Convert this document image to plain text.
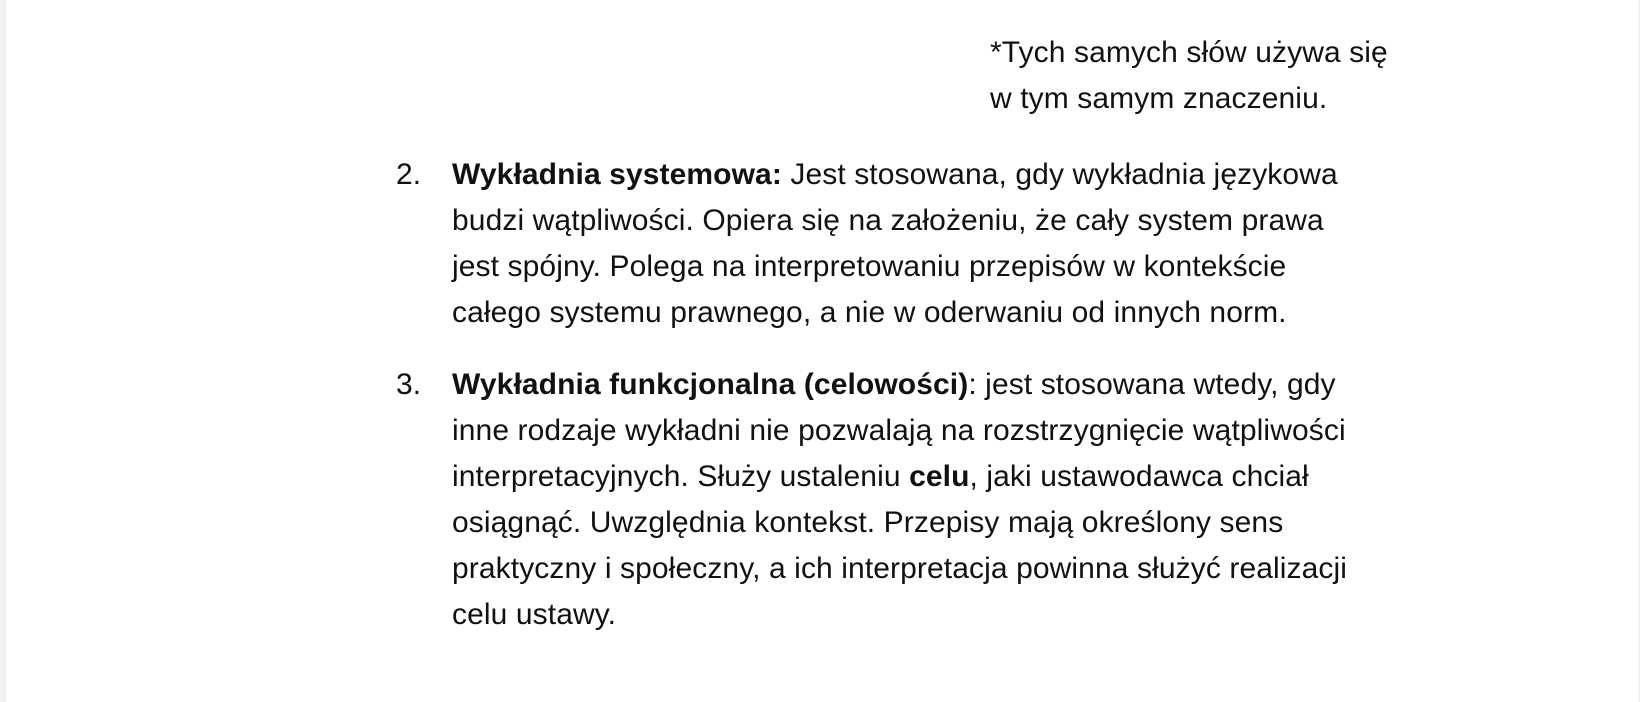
*Tych samych słów używa się
w tym samym znaczeniu.
2. Wykładnia systemowa: Jest stosowana, gdy wykładnia językowa
budzi wątpliwości. Opiera się na założeniu, że cały system prawa
jest spójny. Polega na interpretowaniu przepisów w kontekście
całego systemu prawnego, a nie w oderwaniu od innych norm.
3. Wykładnia funkcjonalna (celowości): jest stosowana wtedy, gdy
inne rodzaje wykładni nie pozwalają na rozstrzygnięcie wątpliwości
interpretacyjnych. Służy ustaleniu celu, jaki ustawodawca chciał
osiągnąć. Uwzględnia kontekst. Przepisy mają określony sens
praktyczny i społeczny, a ich interpretacja powinna służyć realizacji
celu ustawy.
